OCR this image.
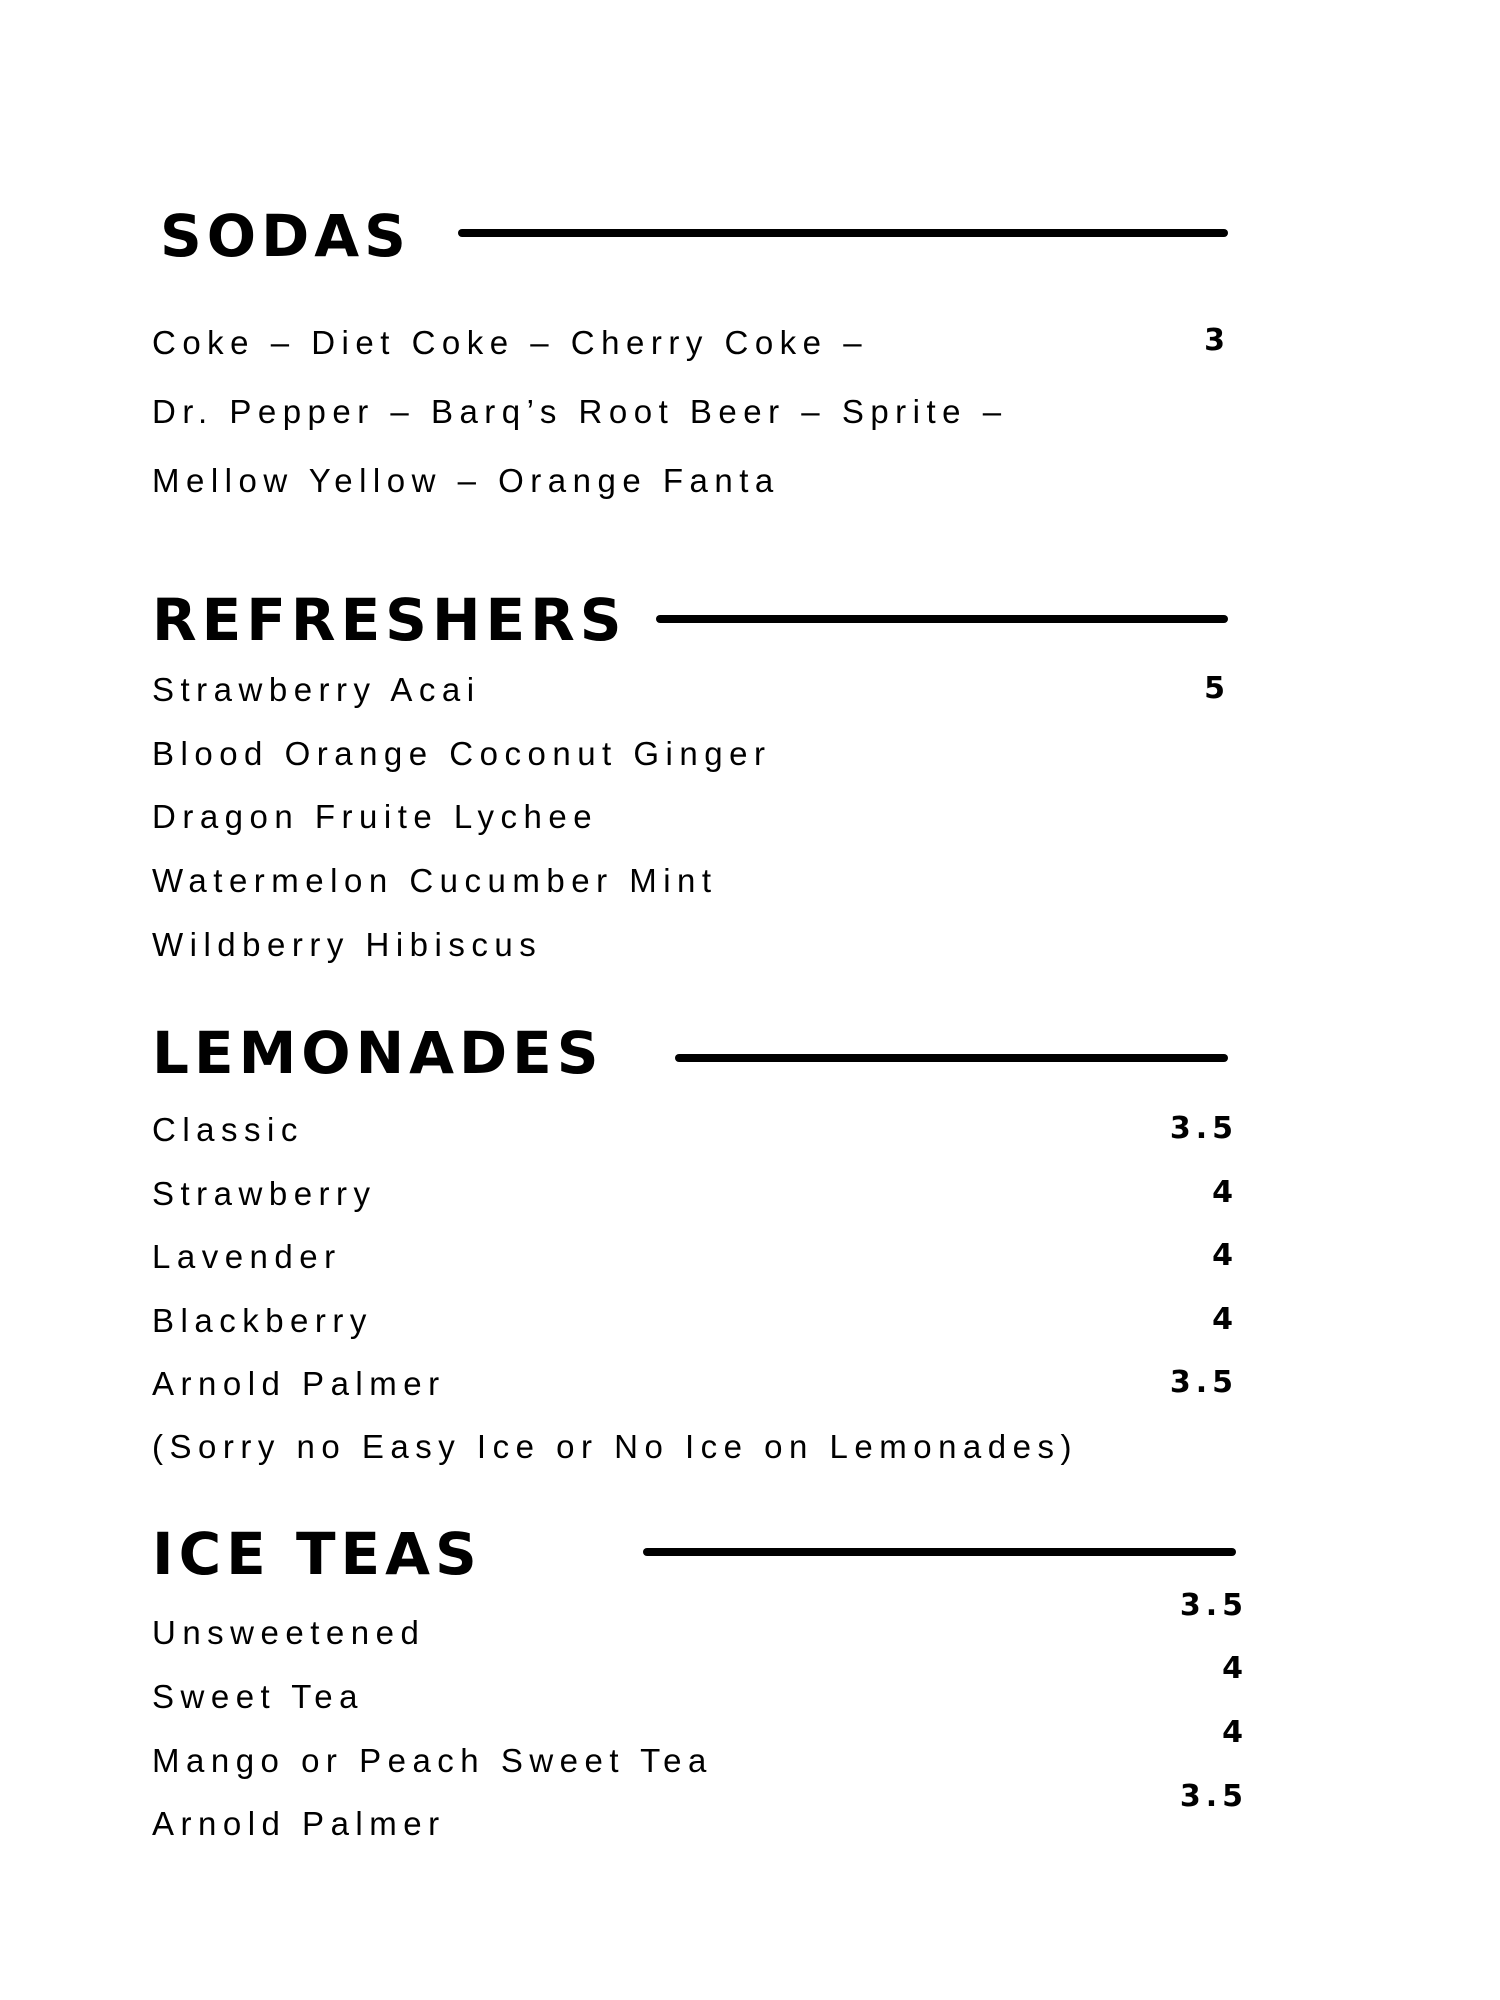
SODAS
Coke – Diet Coke – Cherry Coke –
Dr. Pepper – Barq’s Root Beer – Sprite –
Mellow Yellow – Orange Fanta
3
REFRESHERS
Strawberry Acai
Blood Orange Coconut Ginger
Dragon Fruite Lychee
Watermelon Cucumber Mint
Wildberry Hibiscus
5
LEMONADES
Classic	3.5
Strawberry	4
Lavender	4
Blackberry	4
Arnold Palmer	3.5
(Sorry no Easy Ice or No Ice on Lemonades)
ICE TEAS
Unsweetened
3.5
Sweet Tea
4
Mango or Peach Sweet Tea
4
Arnold Palmer
3.5
